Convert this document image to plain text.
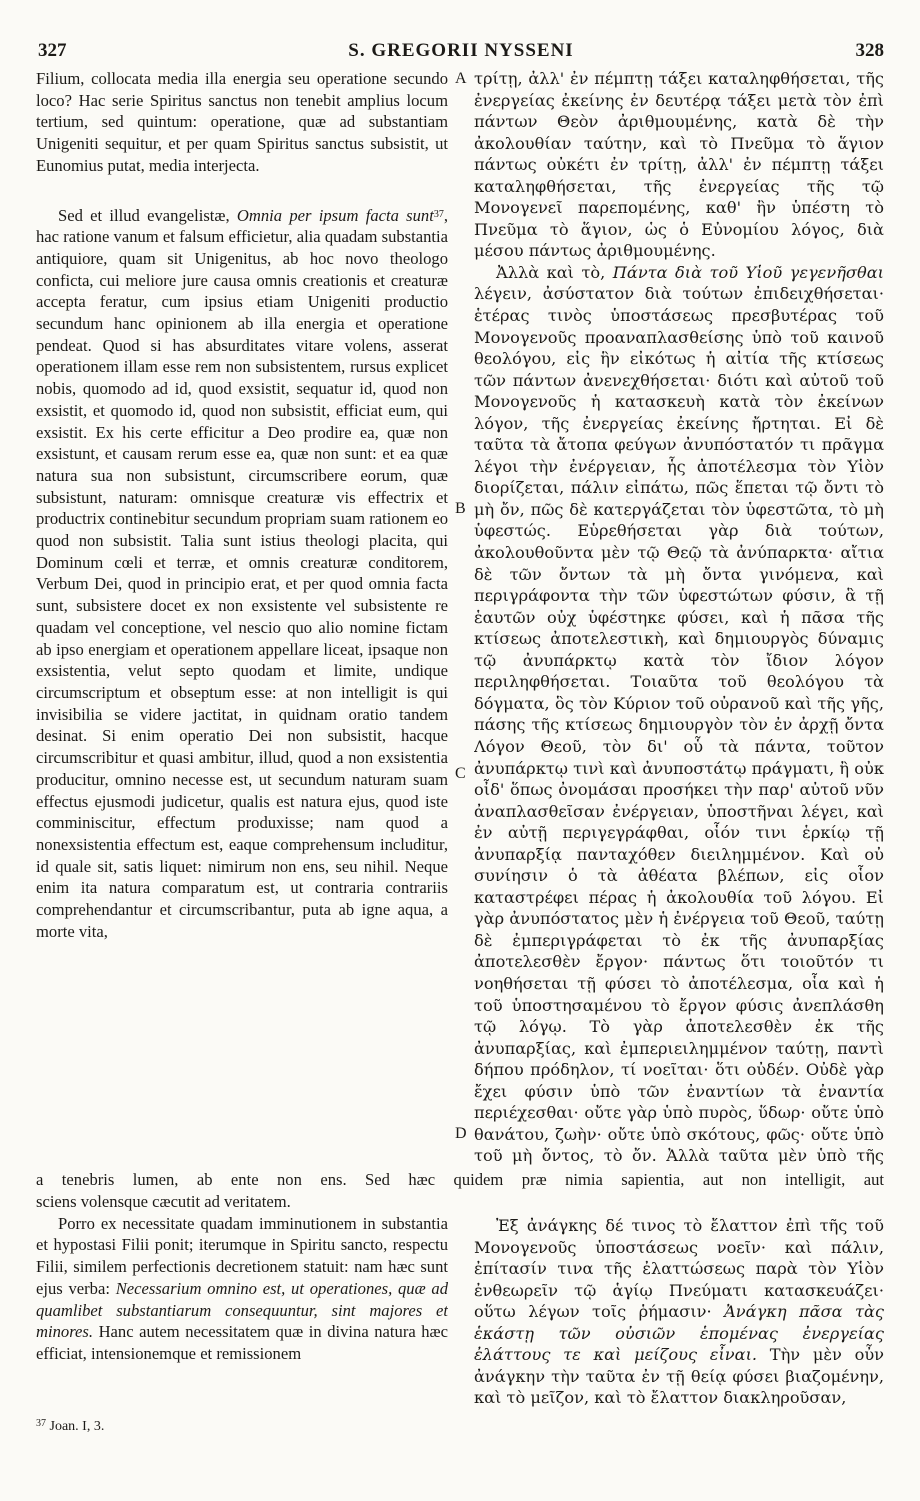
327	S. GREGORII NYSSENI	328

Filium, collocata media illa energia seu operatione secundo loco? Hac serie Spiritus sanctus non tenebit amplius locum tertium, sed quintum: operatione, quæ ad substantiam Unigeniti sequitur, et per quam Spiritus sanctus subsistit, ut Eunomius putat, media interjecta.

Sed et illud evangelistæ, Omnia per ipsum facta sunt$^{37}$, hac ratione vanum et falsum efficietur, alia quadam substantia antiquiore, quam sit Unigenitus, ab hoc novo theologo conficta, cui meliore jure causa omnis creationis et creaturæ accepta feratur, cum ipsius etiam Unigeniti productio secundum hanc opinionem ab illa energia et operatione pendeat. Quod si has absurditates vitare volens, asserat operationem illam esse rem non subsistentem, rursus explicet nobis, quomodo ad id, quod exsistit, sequatur id, quod non exsistit, et quomodo id, quod non subsistit, efficiat eum, qui exsistit. Ex his certe efficitur a Deo prodire ea, quæ non exsistunt, et causam rerum esse ea, quæ non sunt: et ea quæ natura sua non subsistunt, circumscribere eorum, quæ subsistunt, naturam: omnisque creaturæ vis effectrix et productrix continebitur secundum propriam suam rationem eo quod non subsistit. Talia sunt istius theologi placita, qui Dominum cœli et terræ, et omnis creaturæ conditorem, Verbum Dei, quod in principio erat, et per quod omnia facta sunt, subsistere docet ex non exsistente vel subsistente re quadam vel conceptione, vel nescio quo alio nomine fictam ab ipso energiam et operationem appellare liceat, ipsaque non exsistentia, velut septo quodam et limite, undique circumscriptum et obseptum esse: at non intelligit is qui invisibilia se videre jactitat, in quidnam oratio tandem desinat. Si enim operatio Dei non subsistit, hacque circumscribitur et quasi ambitur, illud, quod a non exsistentia producitur, omnino necesse est, ut secundum naturam suam effectus ejusmodi judicetur, qualis est natura ejus, quod iste comminiscitur, effectum produxisse; nam quod a nonexsistentia effectum est, eaque comprehensum includitur, id quale sit, satis liquet: nimirum non ens, seu nihil. Neque enim ita natura comparatum est, ut contraria contrariis comprehendantur et circumscribantur, puta ab igne aqua, a morte vita,

τρίτῃ, ἀλλ' ἐν πέμπτῃ τάξει καταληφθήσεται, τῆς ἐνεργείας ἐκείνης ἐν δευτέρᾳ τάξει μετὰ τὸν ἐπὶ πάντων Θεὸν ἀριθμουμένης, κατὰ δὲ τὴν ἀκολουθίαν ταύτην, καὶ τὸ Πνεῦμα τὸ ἅγιον πάντως οὐκέτι ἐν τρίτῃ, ἀλλ' ἐν πέμπτῃ τάξει καταληφθήσεται, τῆς ἐνεργείας τῆς τῷ Μονογενεῖ παρεπομένης, καθ' ἣν ὑπέστη τὸ Πνεῦμα τὸ ἅγιον, ὡς ὁ Εὐνομίου λόγος, διὰ μέσου πάντως ἀριθμουμένης.

Ἀλλὰ καὶ τὸ, Πάντα διὰ τοῦ Υἱοῦ γεγενῆσθαι λέγειν, ἀσύστατον διὰ τούτων ἐπιδειχθήσεται· ἑτέρας τινὸς ὑποστάσεως πρεσβυτέρας τοῦ Μονογενοῦς προαναπλασθείσης ὑπὸ τοῦ καινοῦ θεολόγου, εἰς ἣν εἰκότως ἡ αἰτία τῆς κτίσεως τῶν πάντων ἀνενεχθήσεται· διότι καὶ αὐτοῦ τοῦ Μονογενοῦς ἡ κατασκευὴ κατὰ τὸν ἐκείνων λόγον, τῆς ἐνεργείας ἐκείνης ἤρτηται. Εἰ δὲ ταῦτα τὰ ἄτοπα φεύγων ἀνυπόστατόν τι πρᾶγμα λέγοι τὴν ἐνέργειαν, ἧς ἀποτέλεσμα τὸν Υἱὸν διορίζεται, πάλιν εἰπάτω, πῶς ἕπεται τῷ ὄντι τὸ μὴ ὄν, πῶς δὲ κατεργάζεται τὸν ὑφεστῶτα, τὸ μὴ ὑφεστώς. Εὑρεθήσεται γὰρ διὰ τούτων, ἀκολουθοῦντα μὲν τῷ Θεῷ τὰ ἀνύπαρκτα· αἴτια δὲ τῶν ὄντων τὰ μὴ ὄντα γινόμενα, καὶ περιγράφοντα τὴν τῶν ὑφεστώτων φύσιν, ἃ τῇ ἑαυτῶν οὐχ ὑφέστηκε φύσει, καὶ ἡ πᾶσα τῆς κτίσεως ἀποτελεστικὴ, καὶ δημιουργὸς δύναμις τῷ ἀνυπάρκτῳ κατὰ τὸν ἴδιον λόγον περιληφθήσεται. Τοιαῦτα τοῦ θεολόγου τὰ δόγματα, ὃς τὸν Κύριον τοῦ οὐρανοῦ καὶ τῆς γῆς, πάσης τῆς κτίσεως δημιουργὸν τὸν ἐν ἀρχῇ ὄντα Λόγον Θεοῦ, τὸν δι' οὗ τὰ πάντα, τοῦτον ἀνυπάρκτῳ τινὶ καὶ ἀνυποστάτῳ πράγματι, ἢ οὐκ οἶδ' ὅπως ὀνομάσαι προσήκει τὴν παρ' αὐτοῦ νῦν ἀναπλασθεῖσαν ἐνέργειαν, ὑποστῆναι λέγει, καὶ ἐν αὐτῇ περιγεγράφθαι, οἷόν τινι ἑρκίῳ τῇ ἀνυπαρξίᾳ πανταχόθεν διειλημμένον. Καὶ οὐ συνίησιν ὁ τὰ ἀθέατα βλέπων, εἰς οἷον καταστρέφει πέρας ἡ ἀκολουθία τοῦ λόγου. Εἰ γὰρ ἀνυπόστατος μὲν ἡ ἐνέργεια τοῦ Θεοῦ, ταύτῃ δὲ ἐμπεριγράφεται τὸ ἐκ τῆς ἀνυπαρξίας ἀποτελεσθὲν ἔργον· πάντως ὅτι τοιοῦτόν τι νοηθήσεται τῇ φύσει τὸ ἀποτέλεσμα, οἷα καὶ ἡ τοῦ ὑποστησαμένου τὸ ἔργον φύσις ἀνεπλάσθη τῷ λόγῳ. Τὸ γὰρ ἀποτελεσθὲν ἐκ τῆς ἀνυπαρξίας, καὶ ἐμπεριειλημμένον ταύτῃ, παντὶ δήπου πρόδηλον, τί νοεῖται· ὅτι οὐδέν. Οὐδὲ γὰρ ἔχει φύσιν ὑπὸ τῶν ἐναντίων τὰ ἐναντία περιέχεσθαι· οὔτε γὰρ ὑπὸ πυρὸς, ὕδωρ· οὔτε ὑπὸ θανάτου, ζωὴν· οὔτε ὑπὸ σκότους, φῶς· οὔτε ὑπὸ τοῦ μὴ ὄντος, τὸ ὄν. Ἀλλὰ ταῦτα μὲν ὑπὸ τῆς

a tenebris lumen, ab ente non ens. Sed hæc quidem præ nimia sapientia, aut non intelligit, aut

sciens volensque cæcutit ad veritatem.

Porro ex necessitate quadam imminutionem in substantia et hypostasi Filii ponit; iterumque in Spiritu sancto, respectu Filii, similem perfectionis decretionem statuit: nam hæc sunt ejus verba: Necessarium omnino est, ut operationes, quæ ad quamlibet substantiarum consequuntur, sint majores et minores. Hanc autem necessitatem quæ in divina natura hæc efficiat, intensionemque et remissionem

Ἐξ ἀνάγκης δέ τινος τὸ ἔλαττον ἐπὶ τῆς τοῦ Μονογενοῦς ὑποστάσεως νοεῖν· καὶ πάλιν, ἐπίτασίν τινα τῆς ἐλαττώσεως παρὰ τὸν Υἱὸν ἐνθεωρεῖν τῷ ἁγίῳ Πνεύματι κατασκευάζει· οὕτω λέγων τοῖς ῥήμασιν· Ἀνάγκη πᾶσα τὰς ἑκάστῃ τῶν οὐσιῶν ἑπομένας ἐνεργείας ἐλάττους τε καὶ μείζους εἶναι. Τὴν μὲν οὖν ἀνάγκην τὴν ταῦτα ἐν τῇ θείᾳ φύσει βιαζομένην, καὶ τὸ μεῖζον, καὶ τὸ ἔλαττον διακληροῦσαν,

A
B
C
D
$^{37}$ Joan. I, 3.
